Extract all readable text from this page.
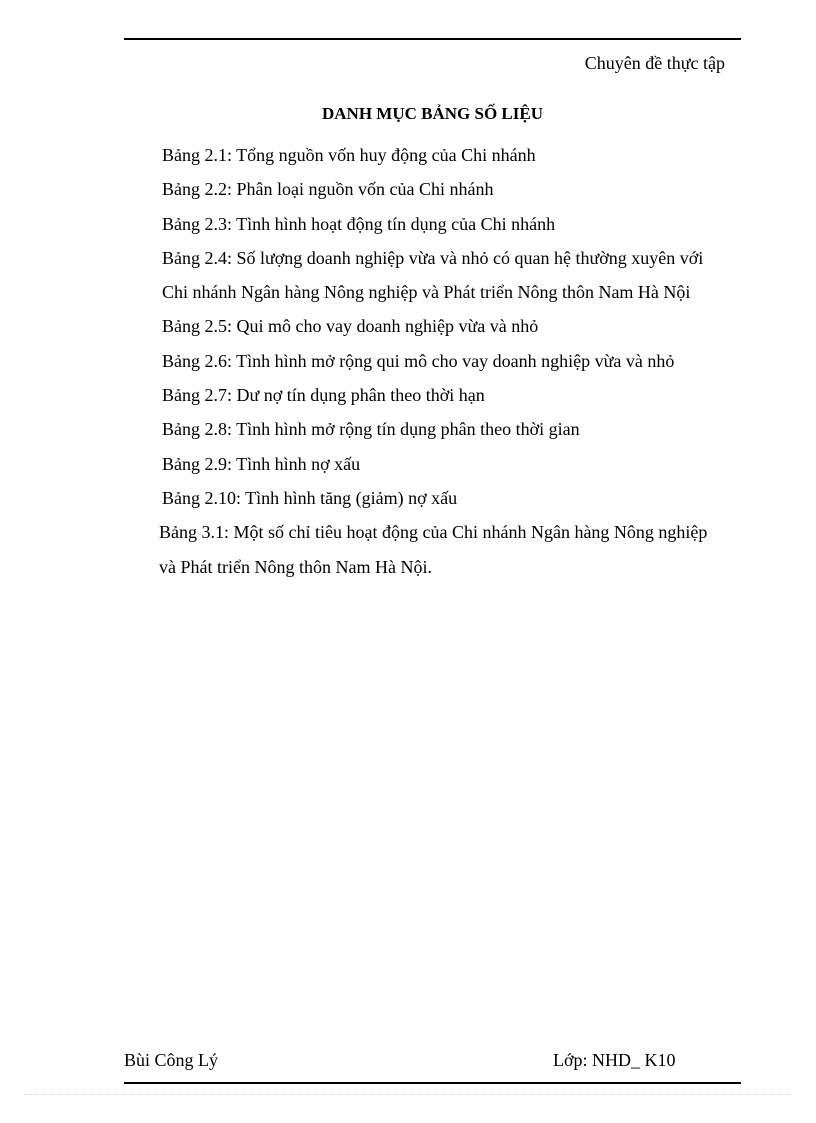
Chuyên đề thực tập
DANH MỤC BẢNG SỐ LIỆU
Bảng 2.1: Tổng nguồn vốn huy động của Chi nhánh
Bảng 2.2: Phân loại nguồn vốn của Chi nhánh
Bảng 2.3: Tình hình hoạt động tín dụng của Chi nhánh
Bảng 2.4: Số lượng doanh nghiệp vừa và nhỏ có quan hệ thường xuyên với
Chi nhánh Ngân hàng Nông nghiệp và Phát triển Nông thôn Nam Hà Nội
Bảng 2.5: Qui mô cho vay doanh nghiệp vừa và nhỏ
Bảng 2.6: Tình hình mở rộng qui mô cho vay doanh nghiệp vừa và nhỏ
Bảng 2.7: Dư nợ tín dụng phân theo thời hạn
Bảng 2.8: Tình hình mở rộng tín dụng phân theo thời gian
Bảng 2.9: Tình hình nợ xấu
Bảng 2.10: Tình hình tăng (giảm) nợ xấu
Bảng 3.1: Một số chỉ tiêu hoạt động của Chi nhánh Ngân hàng Nông nghiệp
và Phát triển Nông thôn Nam Hà Nội.
Bùi Công Lý	Lớp: NHD_ K10
